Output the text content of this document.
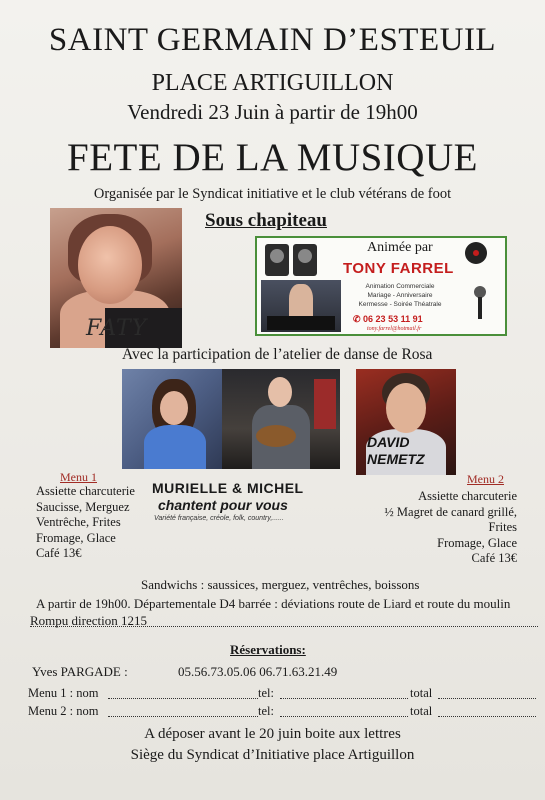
SAINT GERMAIN D’ESTEUIL
PLACE ARTIGUILLON
Vendredi 23 Juin à partir de 19h00
FETE DE LA MUSIQUE
Organisée par le Syndicat initiative et le club vétérans de foot
Sous chapiteau
FATY
Animée par
TONY FARREL
Animation Commerciale
Mariage - Anniversaire
Kermesse - Soirée Théatrale
✆ 06 23 53 11 91
tony.farrel@hotmail.fr
Avec la participation de l’atelier de danse de Rosa
DAVID
NEMETZ
MURIELLE & MICHEL
chantent pour vous
Variété française, créole, folk, country,......
Menu 1
Assiette charcuterie
Saucisse, Merguez
Ventrêche, Frites
Fromage, Glace
Café 13€
Menu 2
Assiette charcuterie
½ Magret de canard grillé,
Frites
Fromage, Glace
Café 13€
Sandwichs : saussices, merguez, ventrêches, boissons
A partir de 19h00. Départementale D4 barrée : déviations route de Liard et route du moulin
Rompu direction 1215
Réservations:
Yves PARGADE :	05.56.73.05.06 06.71.63.21.49
Menu 1 : nom	tel:	total
Menu 2 : nom	tel:	total
A déposer avant le 20 juin boite aux lettres
Siège du Syndicat d’Initiative place Artiguillon
